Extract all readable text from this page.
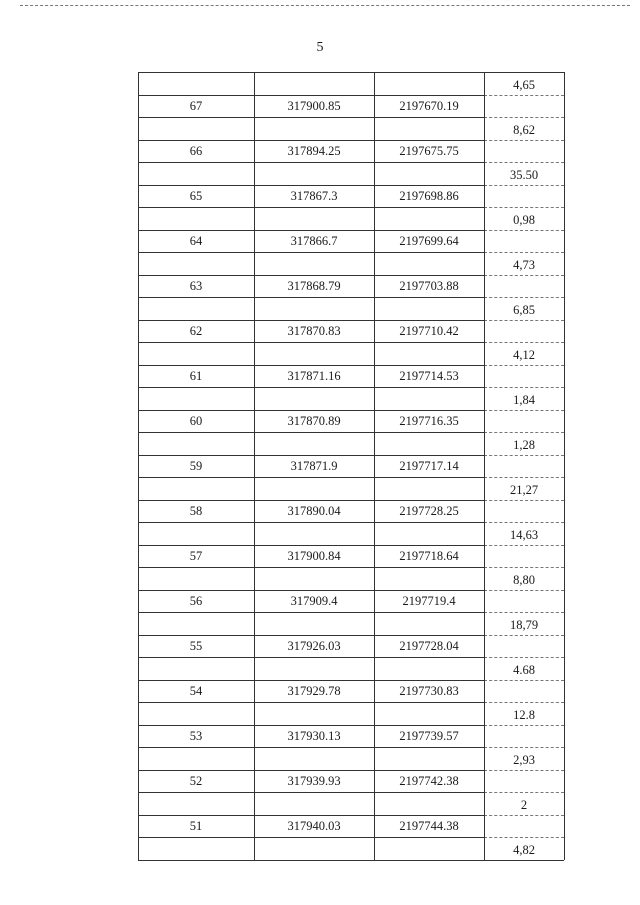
5
4,65
67	317900.85	2197670.19
8,62
66	317894.25	2197675.75
35.50
65	317867.3	2197698.86
0,98
64	317866.7	2197699.64
4,73
63	317868.79	2197703.88
6,85
62	317870.83	2197710.42
4,12
61	317871.16	2197714.53
1,84
60	317870.89	2197716.35
1,28
59	317871.9	2197717.14
21,27
58	317890.04	2197728.25
14,63
57	317900.84	2197718.64
8,80
56	317909.4	2197719.4
18,79
55	317926.03	2197728.04
4.68
54	317929.78	2197730.83
12.8
53	317930.13	2197739.57
2,93
52	317939.93	2197742.38
2
51	317940.03	2197744.38
4,82
